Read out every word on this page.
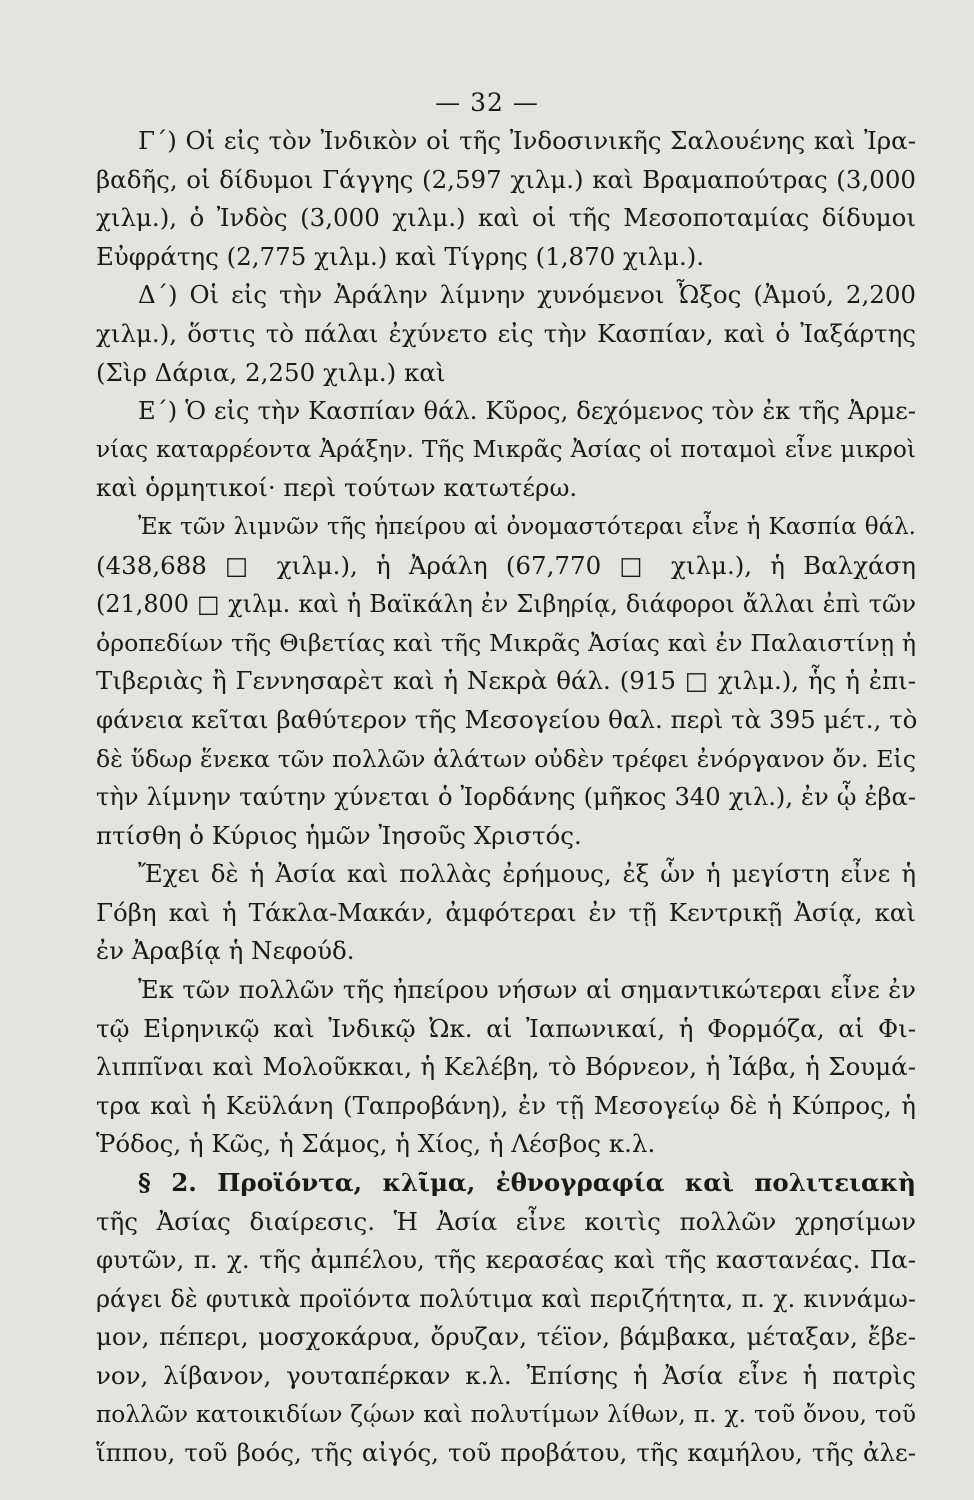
— 32 —
Γ΄) Οἱ εἰς τὸν Ἰνδικὸν οἱ τῆς Ἰνδοσινικῆς Σαλουένης καὶ Ἰρα-
βαδῆς, οἱ δίδυμοι Γάγγης (2,597 χιλμ.) καὶ Βραμαπούτρας (3,000
χιλμ.), ὁ Ἰνδὸς (3,000 χιλμ.) καὶ οἱ τῆς Μεσοποταμίας δίδυμοι
Εὐφράτης (2,775 χιλμ.) καὶ Τίγρης (1,870 χιλμ.).
Δ΄) Οἱ εἰς τὴν Ἀράλην λίμνην χυνόμενοι Ὦξος (Ἀμού, 2,200
χιλμ.), ὅστις τὸ πάλαι ἐχύνετο εἰς τὴν Κασπίαν, καὶ ὁ Ἰαξάρτης
(Σὶρ Δάρια, 2,250 χιλμ.) καὶ
Ε΄) Ὁ εἰς τὴν Κασπίαν θάλ. Κῦρος, δεχόμενος τὸν ἐκ τῆς Ἀρμε-
νίας καταρρέοντα Ἀράξην. Τῆς Μικρᾶς Ἀσίας οἱ ποταμοὶ εἶνε μικροὶ
καὶ ὁρμητικοί· περὶ τούτων κατωτέρω.
Ἐκ τῶν λιμνῶν τῆς ἠπείρου αἱ ὀνομαστότεραι εἶνε ἡ Κασπία θάλ.
(438,688 □ χιλμ.), ἡ Ἀράλη (67,770 □ χιλμ.), ἡ Βαλχάση
(21,800 □ χιλμ. καὶ ἡ Βαϊκάλη ἐν Σιβηρίᾳ, διάφοροι ἄλλαι ἐπὶ τῶν
ὀροπεδίων τῆς Θιβετίας καὶ τῆς Μικρᾶς Ἀσίας καὶ ἐν Παλαιστίνῃ ἡ
Τιβεριὰς ἢ Γεννησαρὲτ καὶ ἡ Νεκρὰ θάλ. (915 □ χιλμ.), ἧς ἡ ἐπι-
φάνεια κεῖται βαθύτερον τῆς Μεσογείου θαλ. περὶ τὰ 395 μέτ., τὸ
δὲ ὕδωρ ἕνεκα τῶν πολλῶν ἁλάτων οὐδὲν τρέφει ἐνόργανον ὄν. Εἰς
τὴν λίμνην ταύτην χύνεται ὁ Ἰορδάνης (μῆκος 340 χιλ.), ἐν ᾧ ἐβα-
πτίσθη ὁ Κύριος ἡμῶν Ἰησοῦς Χριστός.
Ἔχει δὲ ἡ Ἀσία καὶ πολλὰς ἐρήμους, ἐξ ὧν ἡ μεγίστη εἶνε ἡ
Γόβη καὶ ἡ Τάκλα-Μακάν, ἀμφότεραι ἐν τῇ Κεντρικῇ Ἀσίᾳ, καὶ
ἐν Ἀραβίᾳ ἡ Νεφούδ.
Ἐκ τῶν πολλῶν τῆς ἠπείρου νήσων αἱ σημαντικώτεραι εἶνε ἐν
τῷ Εἰρηνικῷ καὶ Ἰνδικῷ Ὠκ. αἱ Ἰαπωνικαί, ἡ Φορμόζα, αἱ Φι-
λιππῖναι καὶ Μολοῦκκαι, ἡ Κελέβη, τὸ Βόρνεον, ἡ Ἰάβα, ἡ Σουμά-
τρα καὶ ἡ Κεϋλάνη (Ταπροβάνη), ἐν τῇ Μεσογείῳ δὲ ἡ Κύπρος, ἡ
Ῥόδος, ἡ Κῶς, ἡ Σάμος, ἡ Χίος, ἡ Λέσβος κ.λ.
§ 2. Προϊόντα, κλῖμα, ἐθνογραφία καὶ πολιτειακὴ
τῆς Ἀσίας διαίρεσις. Ἡ Ἀσία εἶνε κοιτὶς πολλῶν χρησίμων
φυτῶν, π. χ. τῆς ἀμπέλου, τῆς κερασέας καὶ τῆς καστανέας. Πα-
ράγει δὲ φυτικὰ προϊόντα πολύτιμα καὶ περιζήτητα, π. χ. κιννάμω-
μον, πέπερι, μοσχοκάρυα, ὄρυζαν, τέϊον, βάμβακα, μέταξαν, ἔβε-
νον, λίβανον, γουταπέρκαν κ.λ. Ἐπίσης ἡ Ἀσία εἶνε ἡ πατρὶς
πολλῶν κατοικιδίων ζῴων καὶ πολυτίμων λίθων, π. χ. τοῦ ὄνου, τοῦ
ἵππου, τοῦ βοός, τῆς αἰγός, τοῦ προβάτου, τῆς καμήλου, τῆς ἀλε-
